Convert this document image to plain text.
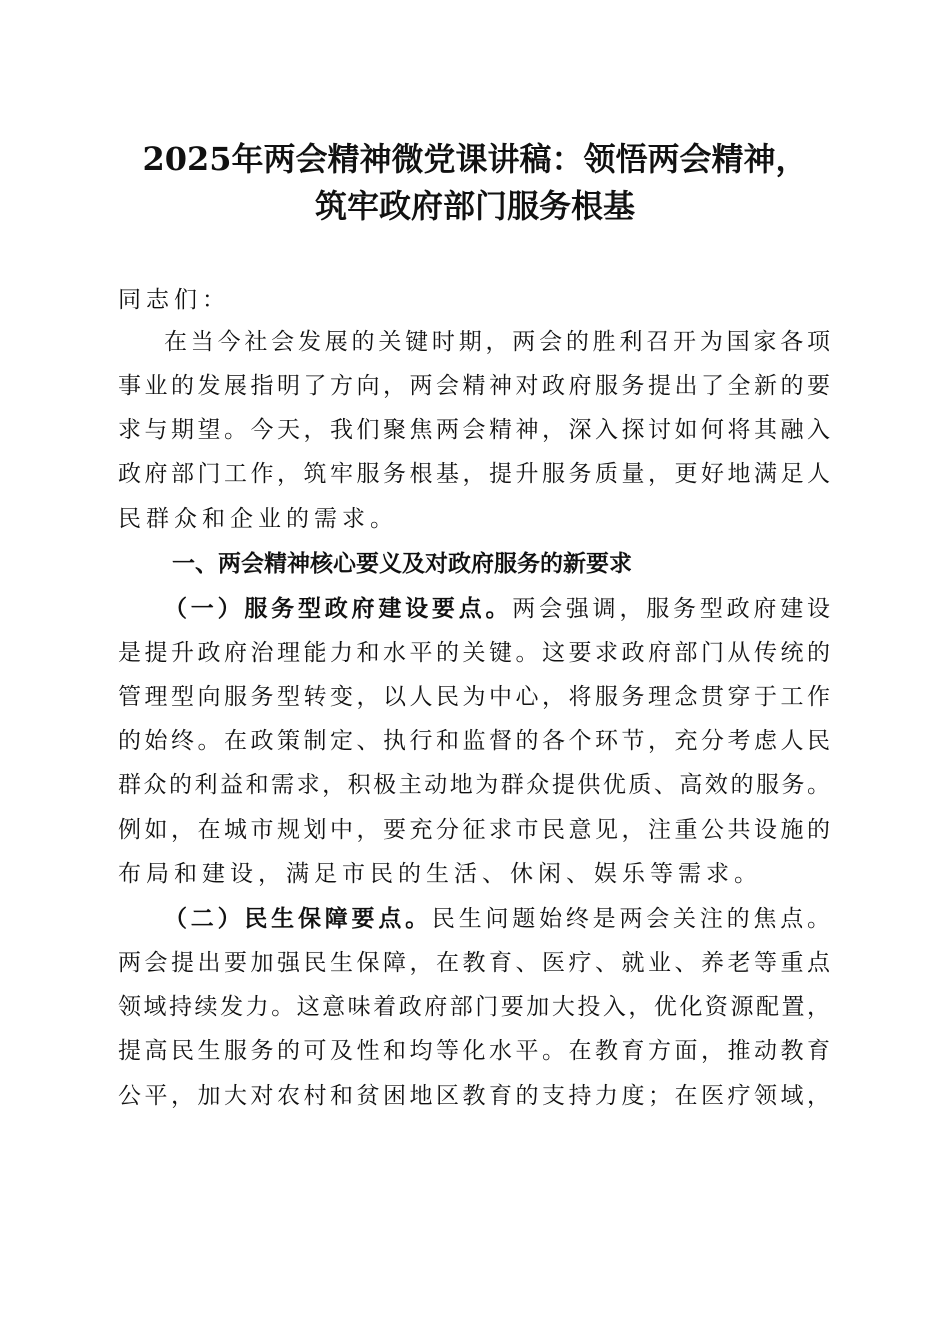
2025年两会精神微党课讲稿：领悟两会精神，
筑牢政府部门服务根基

同志们：

在当今社会发展的关键时期，两会的胜利召开为国家各项

事业的发展指明了方向，两会精神对政府服务提出了全新的要

求与期望。今天，我们聚焦两会精神，深入探讨如何将其融入

政府部门工作，筑牢服务根基，提升服务质量，更好地满足人

民群众和企业的需求。

一、两会精神核心要义及对政府服务的新要求

（一）服务型政府建设要点。两会强调，服务型政府建设

是提升政府治理能力和水平的关键。这要求政府部门从传统的

管理型向服务型转变，以人民为中心，将服务理念贯穿于工作

的始终。在政策制定、执行和监督的各个环节，充分考虑人民

群众的利益和需求，积极主动地为群众提供优质、高效的服务。

例如，在城市规划中，要充分征求市民意见，注重公共设施的

布局和建设，满足市民的生活、休闲、娱乐等需求。

（二）民生保障要点。民生问题始终是两会关注的焦点。

两会提出要加强民生保障，在教育、医疗、就业、养老等重点

领域持续发力。这意味着政府部门要加大投入，优化资源配置，

提高民生服务的可及性和均等化水平。在教育方面，推动教育

公平，加大对农村和贫困地区教育的支持力度；在医疗领域，
